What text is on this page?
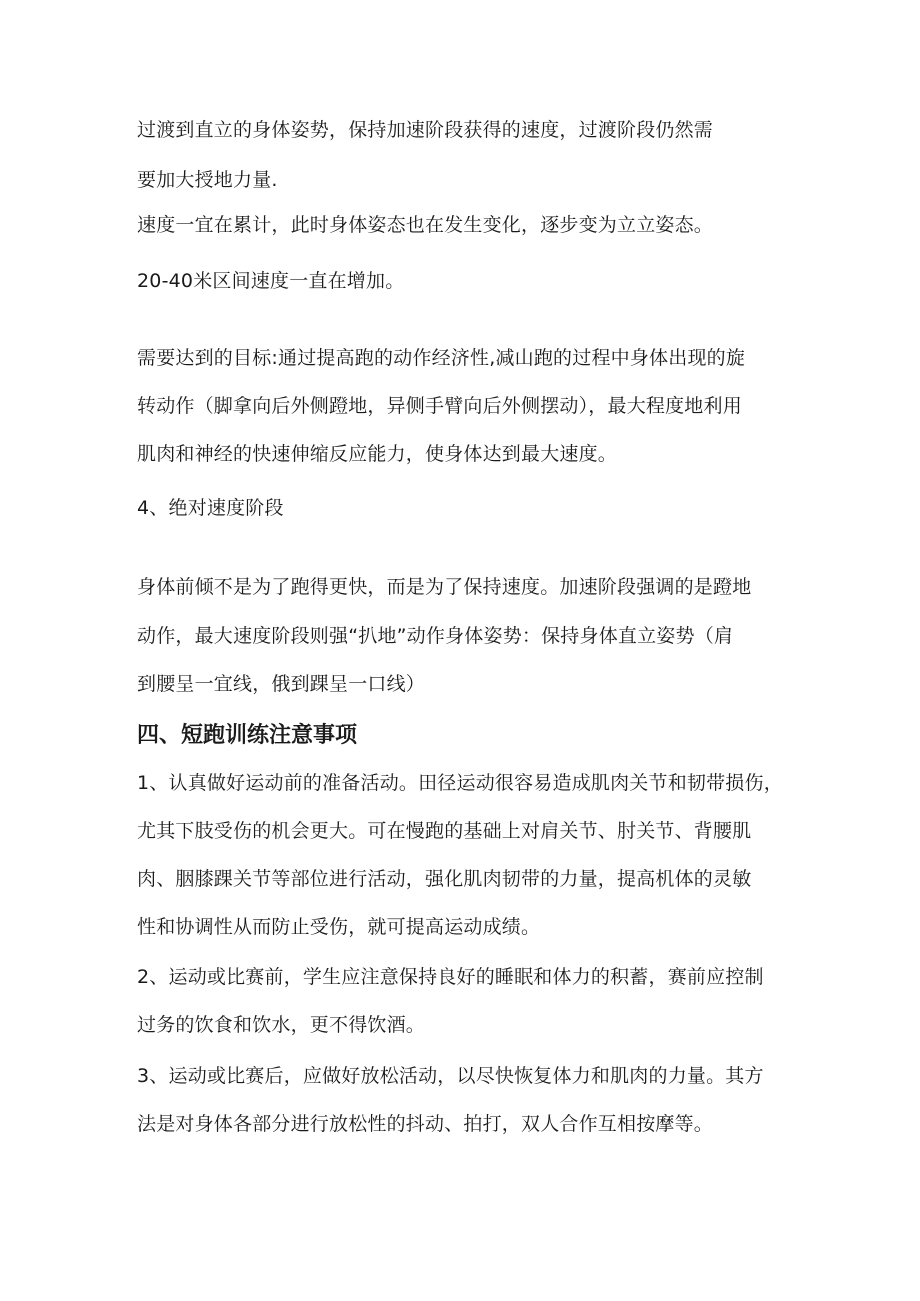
过渡到直立的身体姿势，保持加速阶段获得的速度，过渡阶段仍然需
要加大授地力量.
速度一宜在累计，此时身体姿态也在发生变化，逐步变为立立姿态。
20-40米区间速度一直在增加。
需要达到的目标:通过提高跑的动作经济性,减山跑的过程中身体出现的旋
转动作（脚拿向后外侧蹬地，异侧手臂向后外侧摆动），最大程度地利用
肌肉和神经的快速伸缩反应能力，使身体达到最大速度。
4、绝对速度阶段
身体前倾不是为了跑得更快，而是为了保持速度。加速阶段强调的是蹬地
动作，最大速度阶段则强“扒地”动作身体姿势：保持身体直立姿势（肩
到腰呈一宜线，俄到踝呈一口线）
四、短跑训练注意事项
1、认真做好运动前的准备活动。田径运动很容易造成肌肉关节和韧带损伤，
尤其下肢受伤的机会更大。可在慢跑的基础上对肩关节、肘关节、背腰肌
肉、胭膝踝关节等部位进行活动，强化肌肉韧带的力量，提高机体的灵敏
性和协调性从而防止受伤，就可提高运动成绩。
2、运动或比赛前，学生应注意保持良好的睡眠和体力的积蓄，赛前应控制
过务的饮食和饮水，更不得饮酒。
3、运动或比赛后，应做好放松活动，以尽快恢复体力和肌肉的力量。其方
法是对身体各部分进行放松性的抖动、拍打，双人合作互相按摩等。
